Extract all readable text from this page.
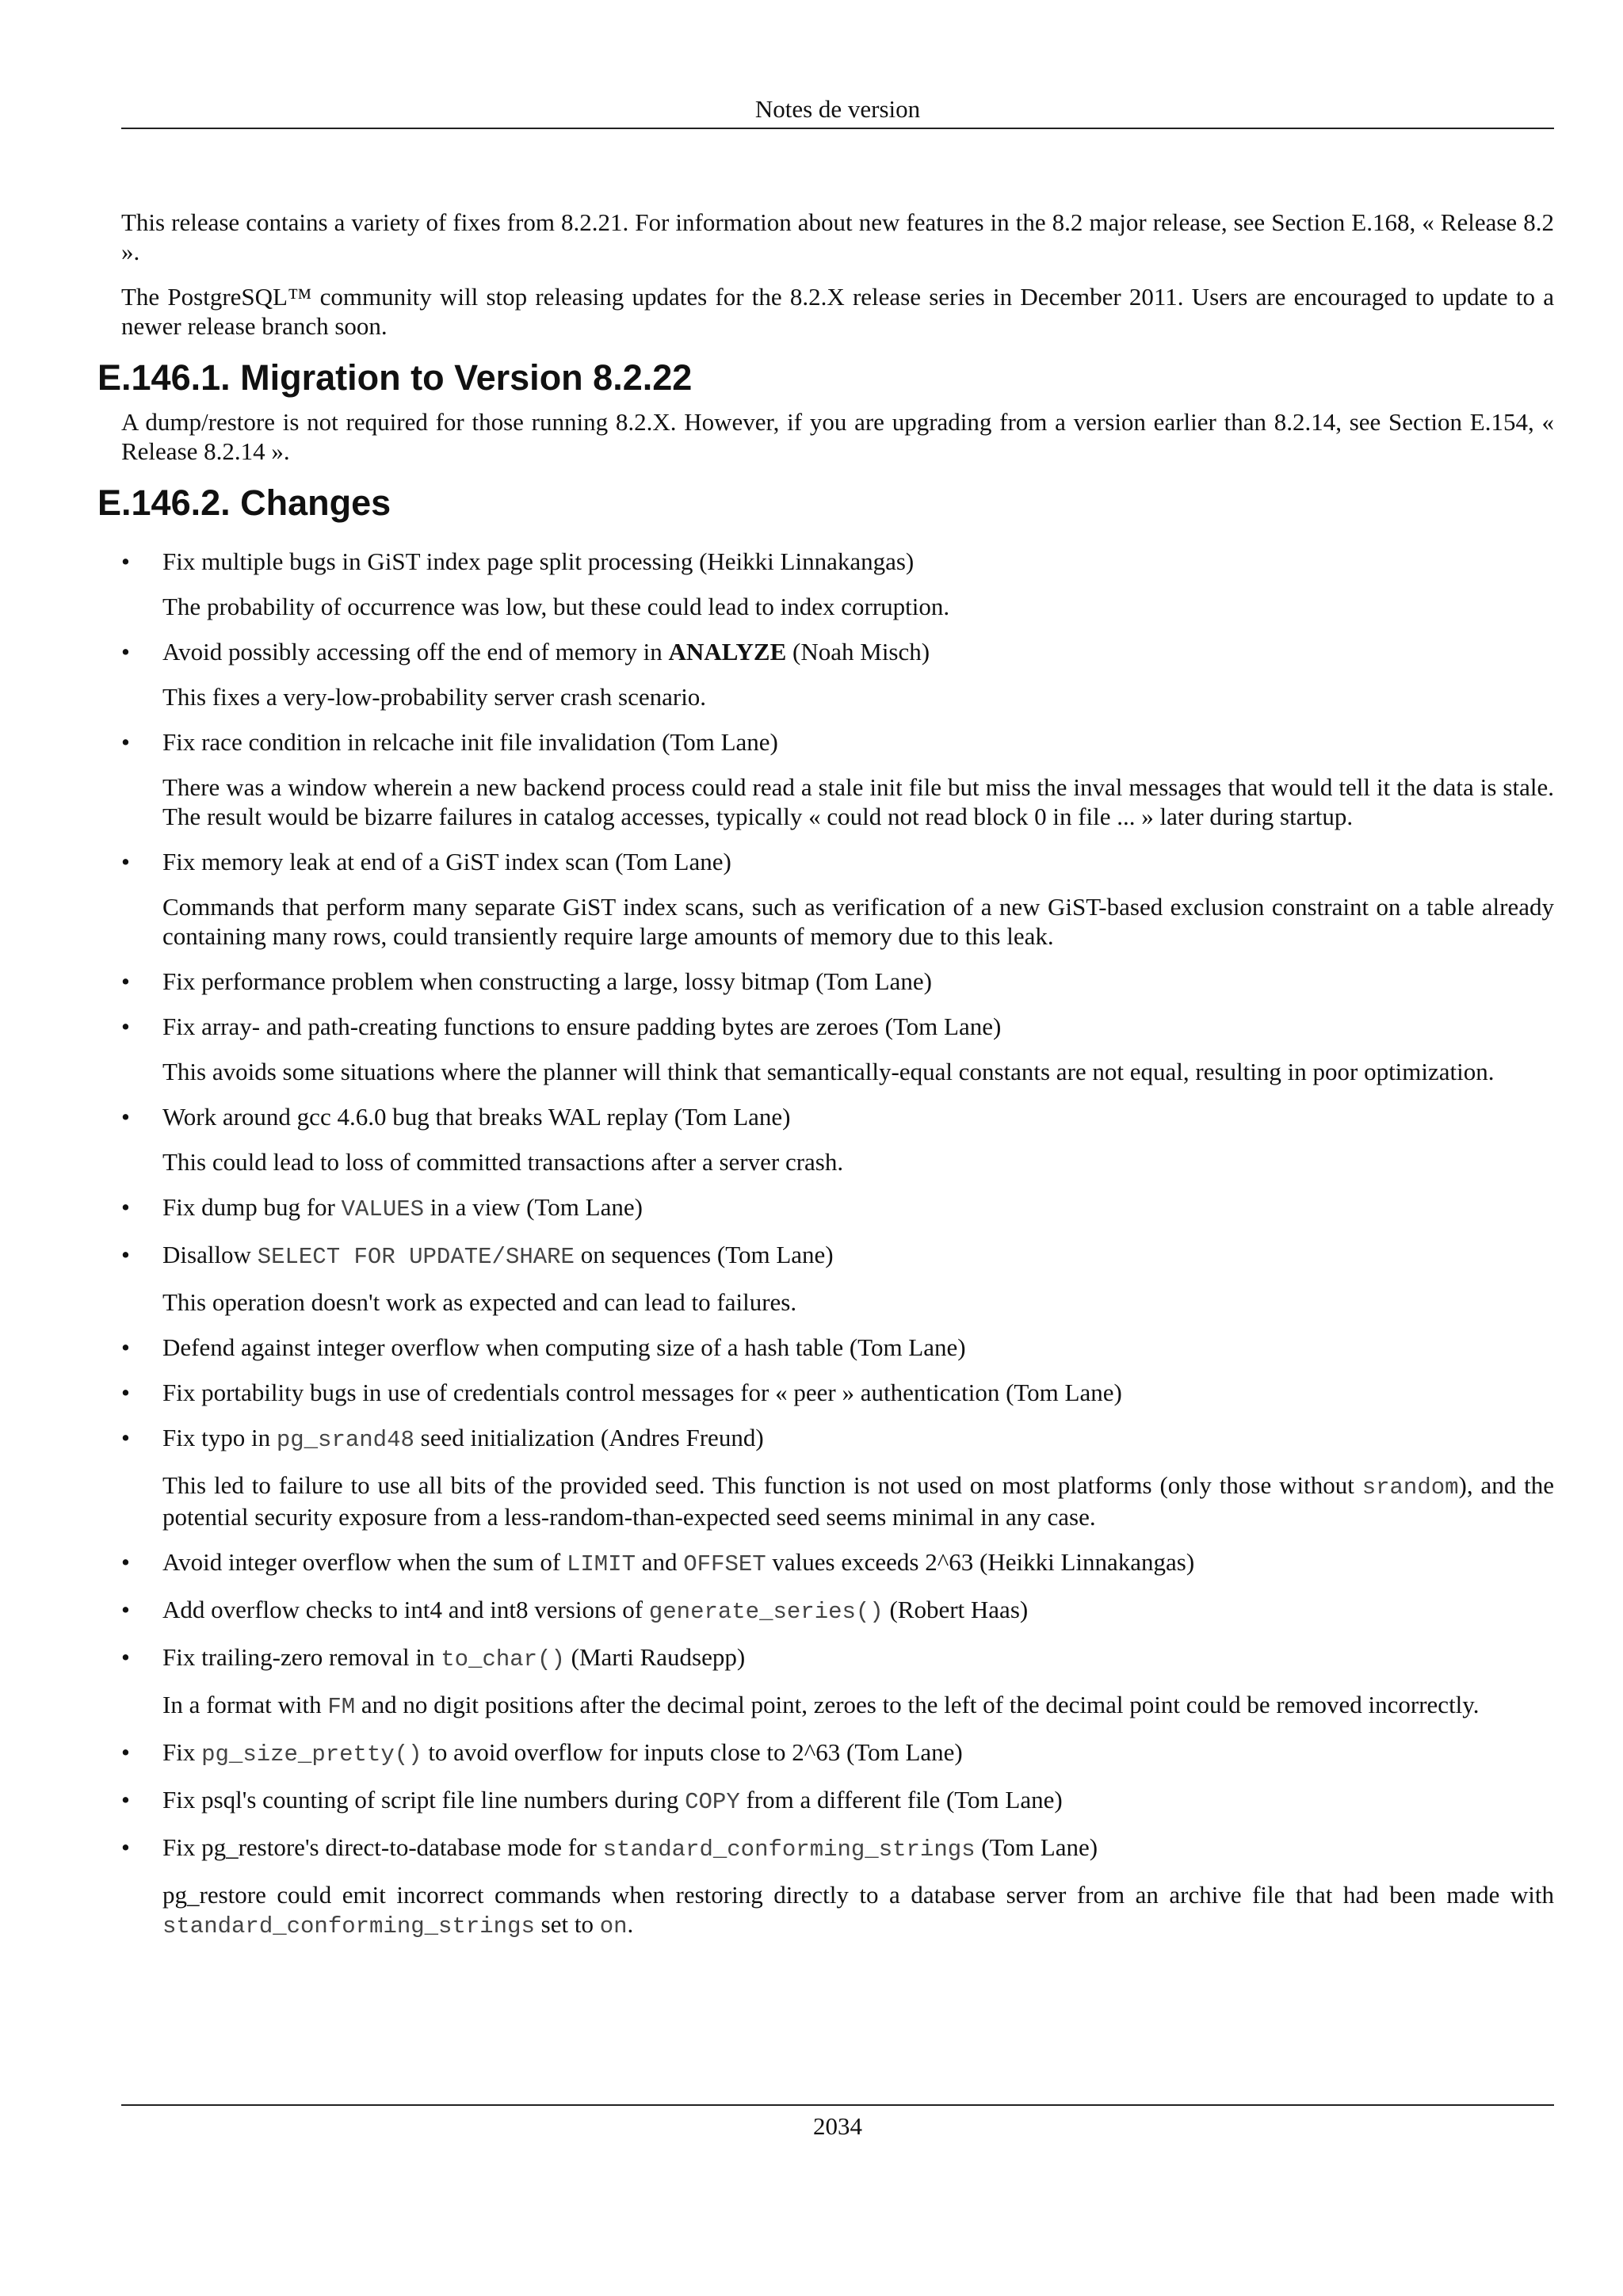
Notes de version

This release contains a variety of fixes from 8.2.21. For information about new features in the 8.2 major release, see Section E.168, « Release 8.2 ».

The PostgreSQL™ community will stop releasing updates for the 8.2.X release series in December 2011. Users are encouraged to update to a newer release branch soon.

E.146.1. Migration to Version 8.2.22

A dump/restore is not required for those running 8.2.X. However, if you are upgrading from a version earlier than 8.2.14, see Section E.154, « Release 8.2.14 ».

E.146.2. Changes

• Fix multiple bugs in GiST index page split processing (Heikki Linnakangas)

The probability of occurrence was low, but these could lead to index corruption.

• Avoid possibly accessing off the end of memory in ANALYZE (Noah Misch)

This fixes a very-low-probability server crash scenario.

• Fix race condition in relcache init file invalidation (Tom Lane)

There was a window wherein a new backend process could read a stale init file but miss the inval messages that would tell it the data is stale. The result would be bizarre failures in catalog accesses, typically « could not read block 0 in file ... » later during startup.

• Fix memory leak at end of a GiST index scan (Tom Lane)

Commands that perform many separate GiST index scans, such as verification of a new GiST-based exclusion constraint on a table already containing many rows, could transiently require large amounts of memory due to this leak.

• Fix performance problem when constructing a large, lossy bitmap (Tom Lane)

• Fix array- and path-creating functions to ensure padding bytes are zeroes (Tom Lane)

This avoids some situations where the planner will think that semantically-equal constants are not equal, resulting in poor optimization.

• Work around gcc 4.6.0 bug that breaks WAL replay (Tom Lane)

This could lead to loss of committed transactions after a server crash.

• Fix dump bug for VALUES in a view (Tom Lane)

• Disallow SELECT FOR UPDATE/SHARE on sequences (Tom Lane)

This operation doesn't work as expected and can lead to failures.

• Defend against integer overflow when computing size of a hash table (Tom Lane)

• Fix portability bugs in use of credentials control messages for « peer » authentication (Tom Lane)

• Fix typo in pg_srand48 seed initialization (Andres Freund)

This led to failure to use all bits of the provided seed. This function is not used on most platforms (only those without srandom), and the potential security exposure from a less-random-than-expected seed seems minimal in any case.

• Avoid integer overflow when the sum of LIMIT and OFFSET values exceeds 2^63 (Heikki Linnakangas)

• Add overflow checks to int4 and int8 versions of generate_series() (Robert Haas)

• Fix trailing-zero removal in to_char() (Marti Raudsepp)

In a format with FM and no digit positions after the decimal point, zeroes to the left of the decimal point could be removed incorrectly.

• Fix pg_size_pretty() to avoid overflow for inputs close to 2^63 (Tom Lane)

• Fix psql's counting of script file line numbers during COPY from a different file (Tom Lane)

• Fix pg_restore's direct-to-database mode for standard_conforming_strings (Tom Lane)

pg_restore could emit incorrect commands when restoring directly to a database server from an archive file that had been made with standard_conforming_strings set to on.

2034
